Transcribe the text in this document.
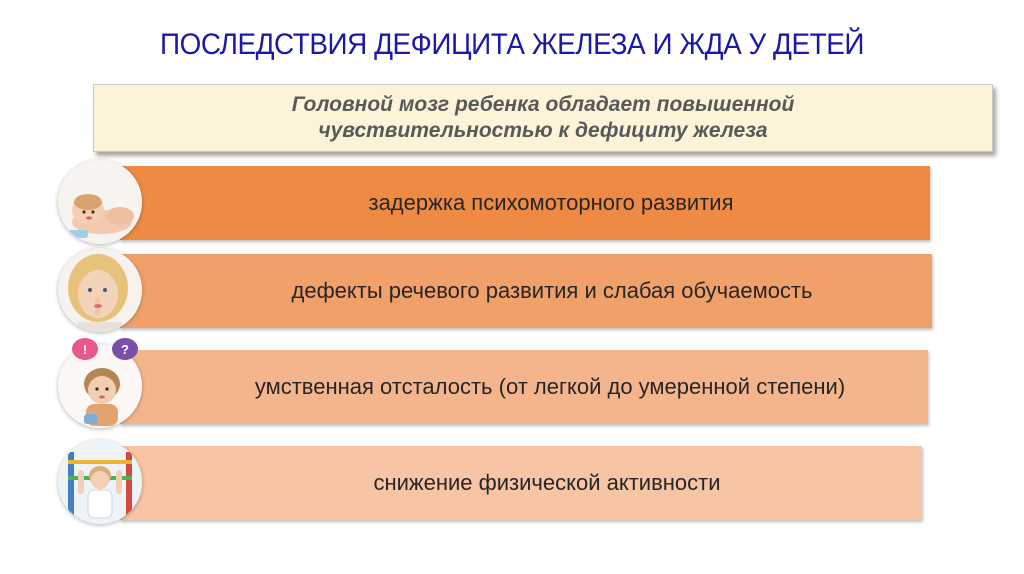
ПОСЛЕДСТВИЯ ДЕФИЦИТА ЖЕЛЕЗА И ЖДА У ДЕТЕЙ
Головной мозг ребенка обладает повышенной
чувствительностью к дефициту железа
задержка психомоторного развития
дефекты речевого развития и слабая обучаемость
умственная отсталость (от легкой до умеренной степени)
!	?
снижение физической активности
